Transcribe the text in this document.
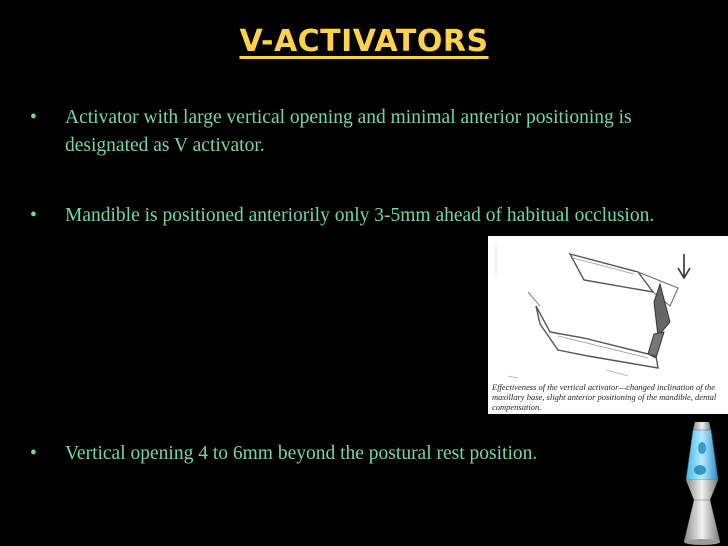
V-ACTIVATORS
•	Activator with large vertical opening and minimal anterior positioning is designated as V activator.
•	Mandible is positioned anteriorily only 3-5mm ahead of habitual occlusion.
•	Vertical opening 4 to 6mm beyond the postural rest position.
Effectiveness of the vertical activator—changed inclination of the maxillary base, slight anterior positioning of the mandible, dental compensation.
